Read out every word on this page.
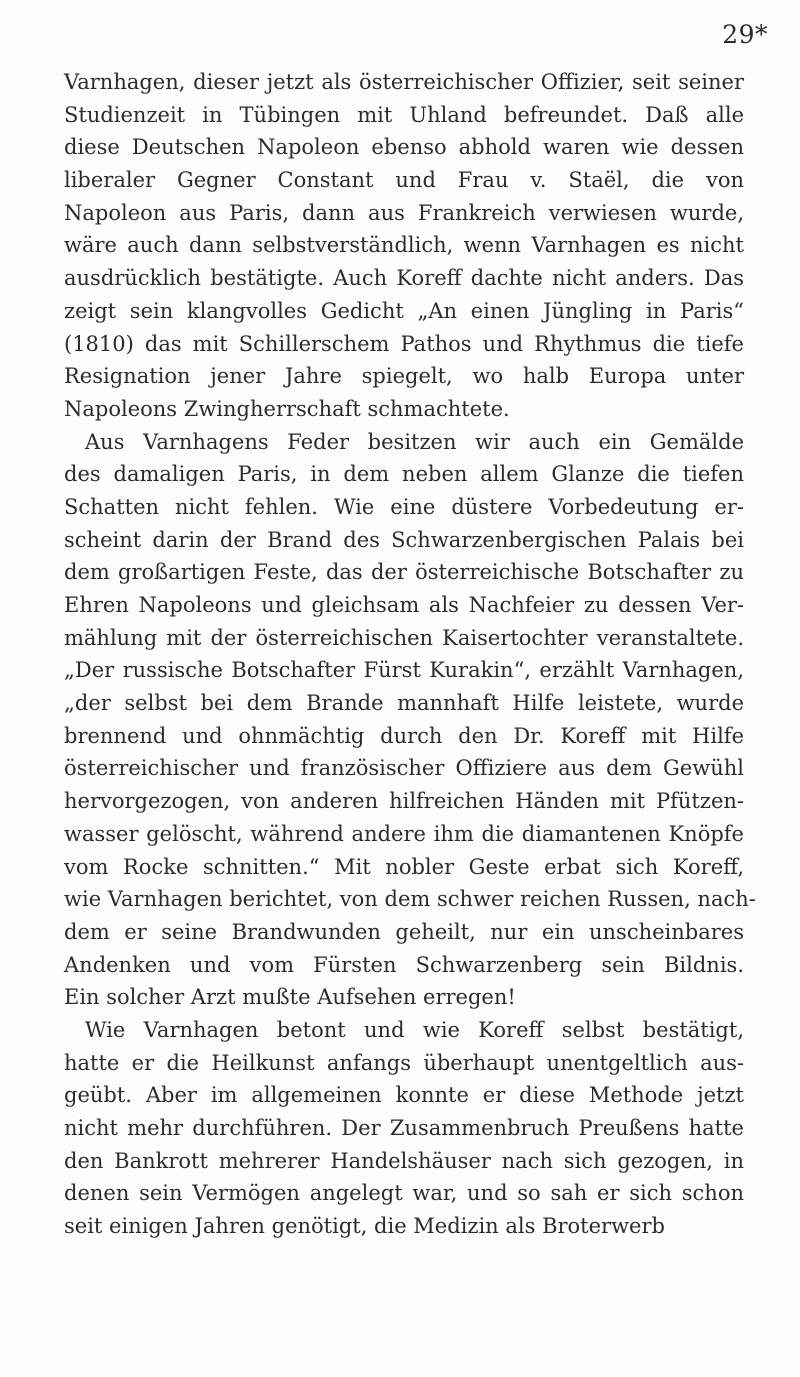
29*

Varnhagen, dieser jetzt als österreichischer Offizier, seit seiner
Studienzeit in Tübingen mit Uhland befreundet. Daß alle
diese Deutschen Napoleon ebenso abhold waren wie dessen
liberaler Gegner Constant und Frau v. Staël, die von
Napoleon aus Paris, dann aus Frankreich verwiesen wurde,
wäre auch dann selbstverständlich, wenn Varnhagen es nicht
ausdrücklich bestätigte. Auch Koreff dachte nicht anders. Das
zeigt sein klangvolles Gedicht „An einen Jüngling in Paris“
(1810) das mit Schillerschem Pathos und Rhythmus die tiefe
Resignation jener Jahre spiegelt, wo halb Europa unter
Napoleons Zwingherrschaft schmachtete.

Aus Varnhagens Feder besitzen wir auch ein Gemälde
des damaligen Paris, in dem neben allem Glanze die tiefen
Schatten nicht fehlen. Wie eine düstere Vorbedeutung er-
scheint darin der Brand des Schwarzenbergischen Palais bei
dem großartigen Feste, das der österreichische Botschafter zu
Ehren Napoleons und gleichsam als Nachfeier zu dessen Ver-
mählung mit der österreichischen Kaisertochter veranstaltete.
„Der russische Botschafter Fürst Kurakin“, erzählt Varnhagen,
„der selbst bei dem Brande mannhaft Hilfe leistete, wurde
brennend und ohnmächtig durch den Dr. Koreff mit Hilfe
österreichischer und französischer Offiziere aus dem Gewühl
hervorgezogen, von anderen hilfreichen Händen mit Pfützen-
wasser gelöscht, während andere ihm die diamantenen Knöpfe
vom Rocke schnitten.“ Mit nobler Geste erbat sich Koreff,
wie Varnhagen berichtet, von dem schwer reichen Russen, nach-
dem er seine Brandwunden geheilt, nur ein unscheinbares
Andenken und vom Fürsten Schwarzenberg sein Bildnis.
Ein solcher Arzt mußte Aufsehen erregen!

Wie Varnhagen betont und wie Koreff selbst bestätigt,
hatte er die Heilkunst anfangs überhaupt unentgeltlich aus-
geübt. Aber im allgemeinen konnte er diese Methode jetzt
nicht mehr durchführen. Der Zusammenbruch Preußens hatte
den Bankrott mehrerer Handelshäuser nach sich gezogen, in
denen sein Vermögen angelegt war, und so sah er sich schon
seit einigen Jahren genötigt, die Medizin als Broterwerb
